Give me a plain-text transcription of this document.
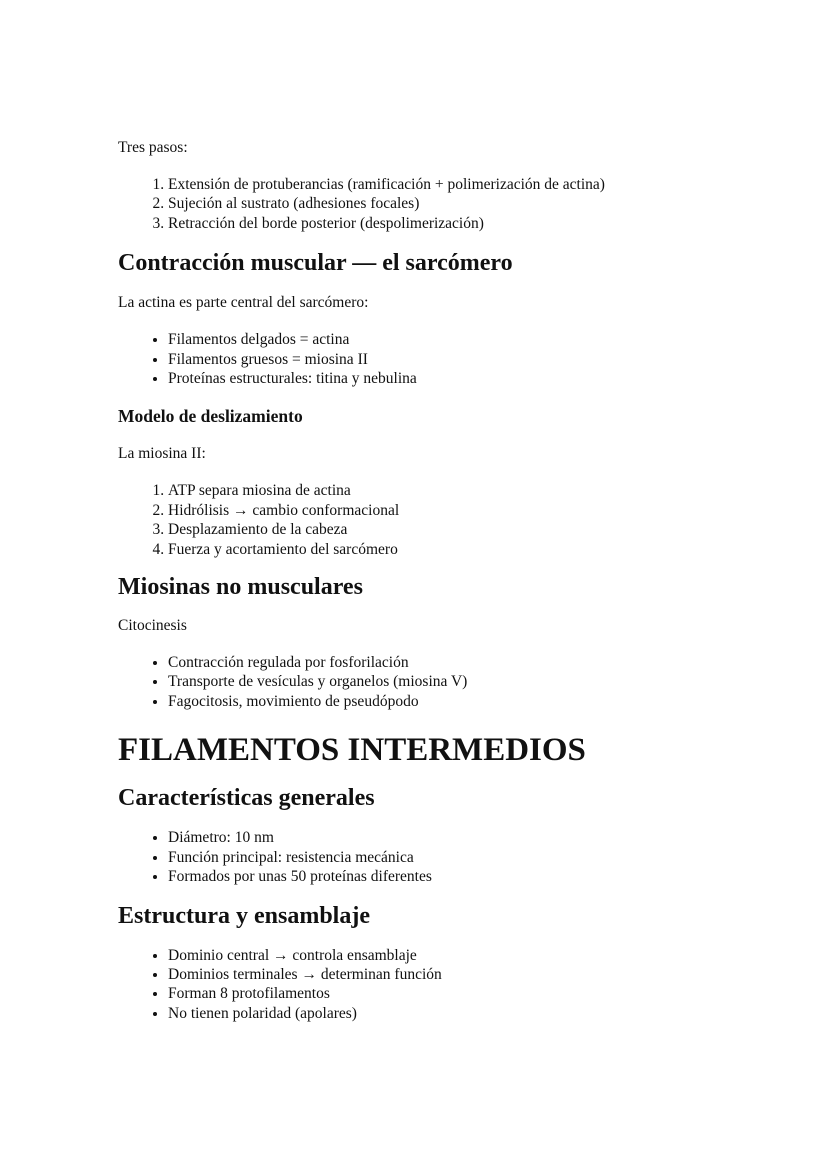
Tres pasos:

1. Extensión de protuberancias (ramificación + polimerización de actina)
2. Sujeción al sustrato (adhesiones focales)
3. Retracción del borde posterior (despolimerización)
Contracción muscular — el sarcómero

La actina es parte central del sarcómero:

• Filamentos delgados = actina
• Filamentos gruesos = miosina II
• Proteínas estructurales: titina y nebulina
Modelo de deslizamiento

La miosina II:

1. ATP separa miosina de actina
2. Hidrólisis → cambio conformacional
3. Desplazamiento de la cabeza
4. Fuerza y acortamiento del sarcómero
Miosinas no musculares

Citocinesis

• Contracción regulada por fosforilación
• Transporte de vesículas y organelos (miosina V)
• Fagocitosis, movimiento de pseudópodo
FILAMENTOS INTERMEDIOS
Características generales
• Diámetro: 10 nm
• Función principal: resistencia mecánica
• Formados por unas 50 proteínas diferentes
Estructura y ensamblaje
• Dominio central → controla ensamblaje
• Dominios terminales → determinan función
• Forman 8 protofilamentos
• No tienen polaridad (apolares)
